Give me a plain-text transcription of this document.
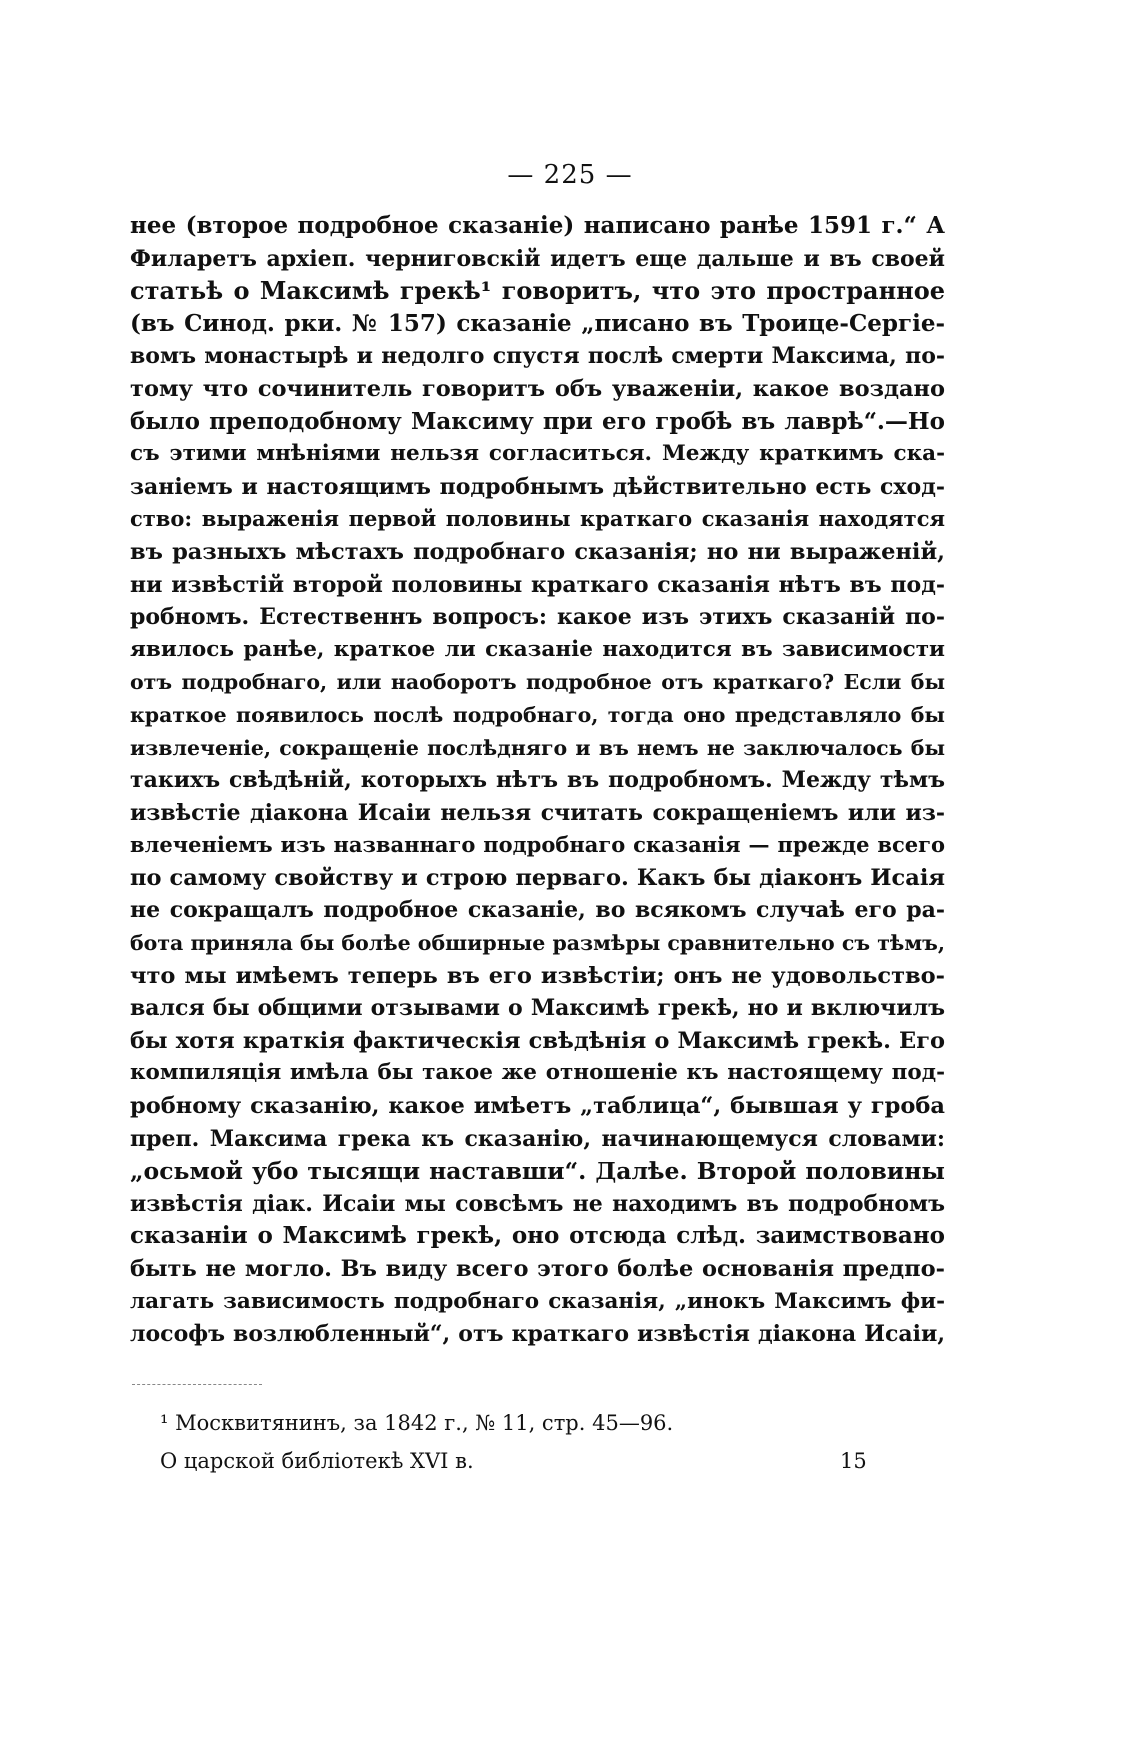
— 225 —
нее (второе подробное сказаніе) написано ранѣе 1591 г.“ А
Филаретъ архіеп. черниговскій идетъ еще дальше и въ своей
статьѣ о Максимѣ грекѣ¹ говоритъ, что это пространное
(въ Синод. рки. № 157) сказаніе „писано въ Троице-Сергіе-
вомъ монастырѣ и недолго спустя послѣ смерти Максима, по-
тому что сочинитель говоритъ объ уваженіи, какое воздано
было преподобному Максиму при его гробѣ въ лаврѣ“.—Но
съ этими мнѣніями нельзя согласиться. Между краткимъ ска-
заніемъ и настоящимъ подробнымъ дѣйствительно есть сход-
ство: выраженія первой половины краткаго сказанія находятся
въ разныхъ мѣстахъ подробнаго сказанія; но ни выраженій,
ни извѣстій второй половины краткаго сказанія нѣтъ въ под-
робномъ. Естественнъ вопросъ: какое изъ этихъ сказаній по-
явилось ранѣе, краткое ли сказаніе находится въ зависимости
отъ подробнаго, или наоборотъ подробное отъ краткаго? Если бы
краткое появилось послѣ подробнаго, тогда оно представляло бы
извлеченіе, сокращеніе послѣдняго и въ немъ не заключалось бы
такихъ свѣдѣній, которыхъ нѣтъ въ подробномъ. Между тѣмъ
извѣстіе діакона Исаіи нельзя считать сокращеніемъ или из-
влеченіемъ изъ названнаго подробнаго сказанія — прежде всего
по самому свойству и строю перваго. Какъ бы діаконъ Исаія
не сокращалъ подробное сказаніе, во всякомъ случаѣ его ра-
бота приняла бы болѣе обширные размѣры сравнительно съ тѣмъ,
что мы имѣемъ теперь въ его извѣстіи; онъ не удовольство-
вался бы общими отзывами о Максимѣ грекѣ, но и включилъ
бы хотя краткія фактическія свѣдѣнія о Максимѣ грекѣ. Его
компиляція имѣла бы такое же отношеніе къ настоящему под-
робному сказанію, какое имѣетъ „таблица“, бывшая у гроба
преп. Максима грека къ сказанію, начинающемуся словами:
„осьмой убо тысящи наставши“. Далѣе. Второй половины
извѣстія діак. Исаіи мы совсѣмъ не находимъ въ подробномъ
сказаніи о Максимѣ грекѣ, оно отсюда слѣд. заимствовано
быть не могло. Въ виду всего этого болѣе основанія предпо-
лагать зависимость подробнаго сказанія, „инокъ Максимъ фи-
лософъ возлюбленный“, отъ краткаго извѣстія діакона Исаіи,
¹ Москвитянинъ, за 1842 г., № 11, стр. 45—96.
О царской библіотекѣ XVI в.	15
